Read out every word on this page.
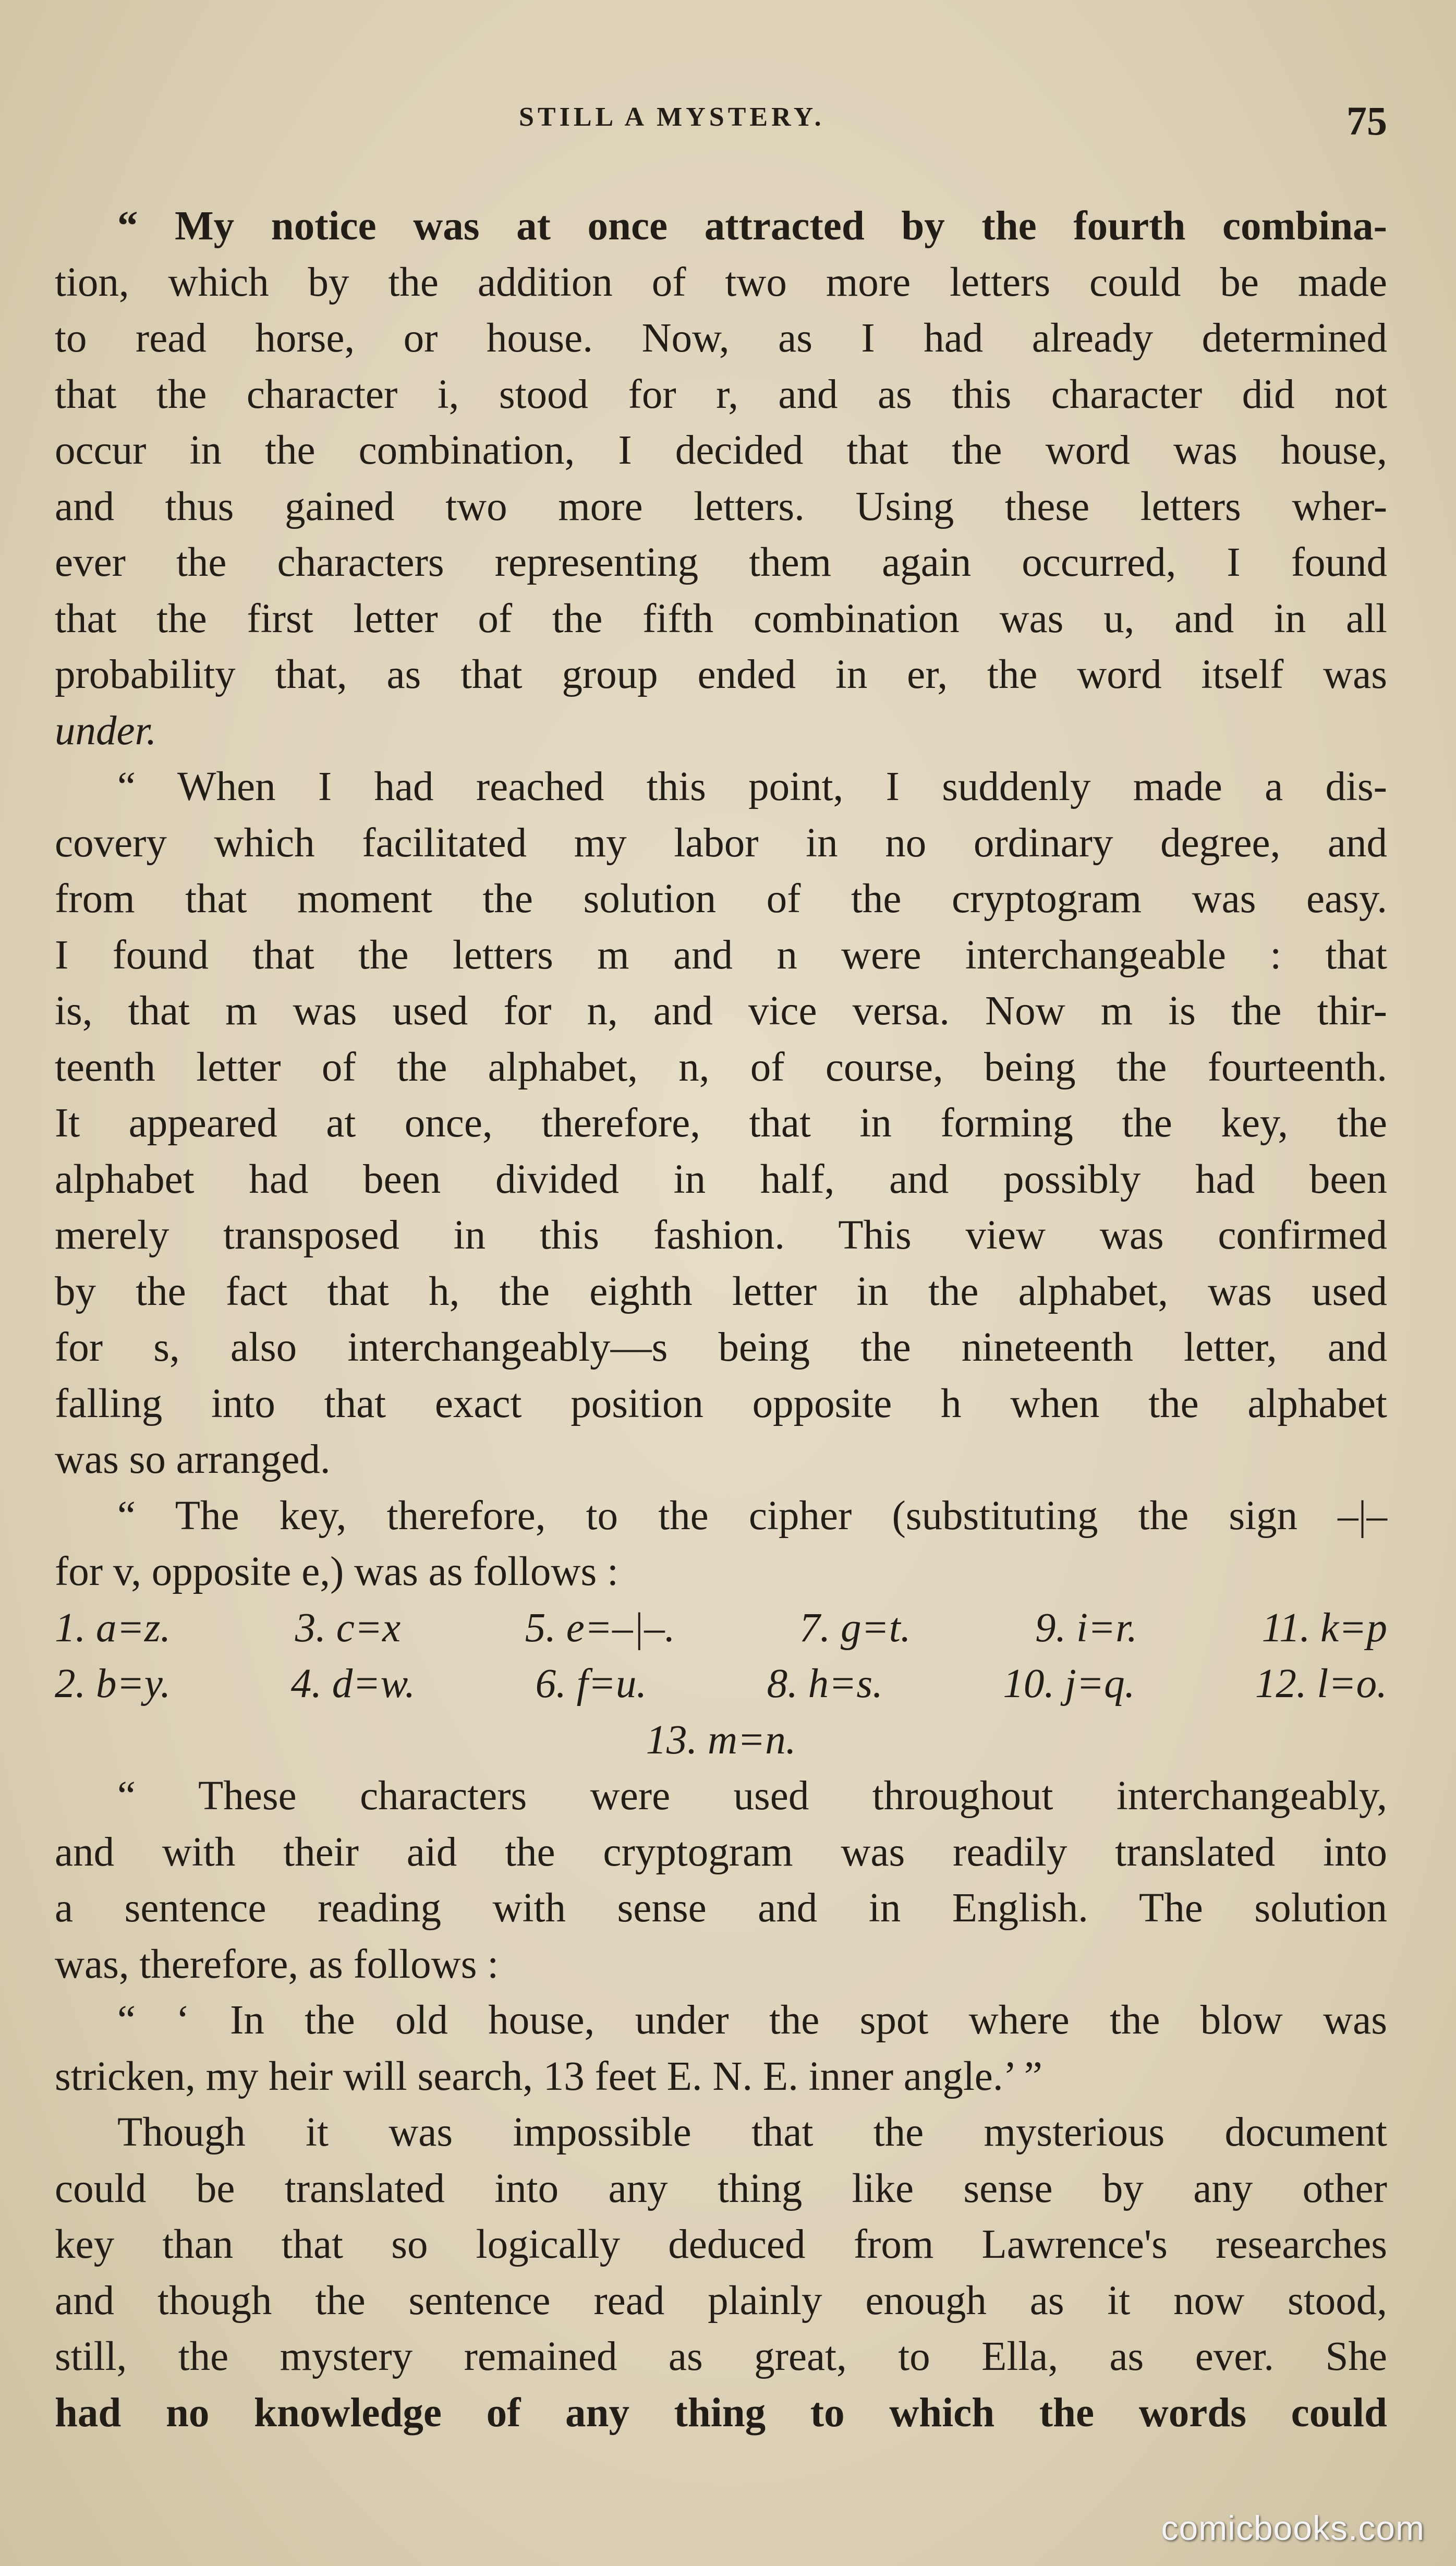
STILL A MYSTERY.	75

“ My notice was at once attracted by the fourth combina-
tion, which by the addition of two more letters could be made
to read horse, or house. Now, as I had already determined
that the character i, stood for r, and as this character did not
occur in the combination, I decided that the word was house,
and thus gained two more letters. Using these letters wher-
ever the characters representing them again occurred, I found
that the first letter of the fifth combination was u, and in all
probability that, as that group ended in er, the word itself was
under.

“ When I had reached this point, I suddenly made a dis-
covery which facilitated my labor in no ordinary degree, and
from that moment the solution of the cryptogram was easy.
I found that the letters m and n were interchangeable : that
is, that m was used for n, and vice versa. Now m is the thir-
teenth letter of the alphabet, n, of course, being the fourteenth.
It appeared at once, therefore, that in forming the key, the
alphabet had been divided in half, and possibly had been
merely transposed in this fashion. This view was confirmed
by the fact that h, the eighth letter in the alphabet, was used
for s, also interchangeably—s being the nineteenth letter, and
falling into that exact position opposite h when the alphabet
was so arranged.

“ The key, therefore, to the cipher (substituting the sign ‒|‒
for v, opposite e,) was as follows :

1. a=z.	3. c=x	5. e=‒|‒.	7. g=t.	9. i=r.	11. k=p
2. b=y.	4. d=w.	6. f=u.	8. h=s.	10. j=q.	12. l=o.
13. m=n.

“ These characters were used throughout interchangeably,
and with their aid the cryptogram was readily translated into
a sentence reading with sense and in English. The solution
was, therefore, as follows :

“ ‘ In the old house, under the spot where the blow was
stricken, my heir will search, 13 feet E. N. E. inner angle.’ ”

Though it was impossible that the mysterious document
could be translated into any thing like sense by any other
key than that so logically deduced from Lawrence's researches
and though the sentence read plainly enough as it now stood,
still, the mystery remained as great, to Ella, as ever. She
had no knowledge of any thing to which the words could

comicbooks.com
